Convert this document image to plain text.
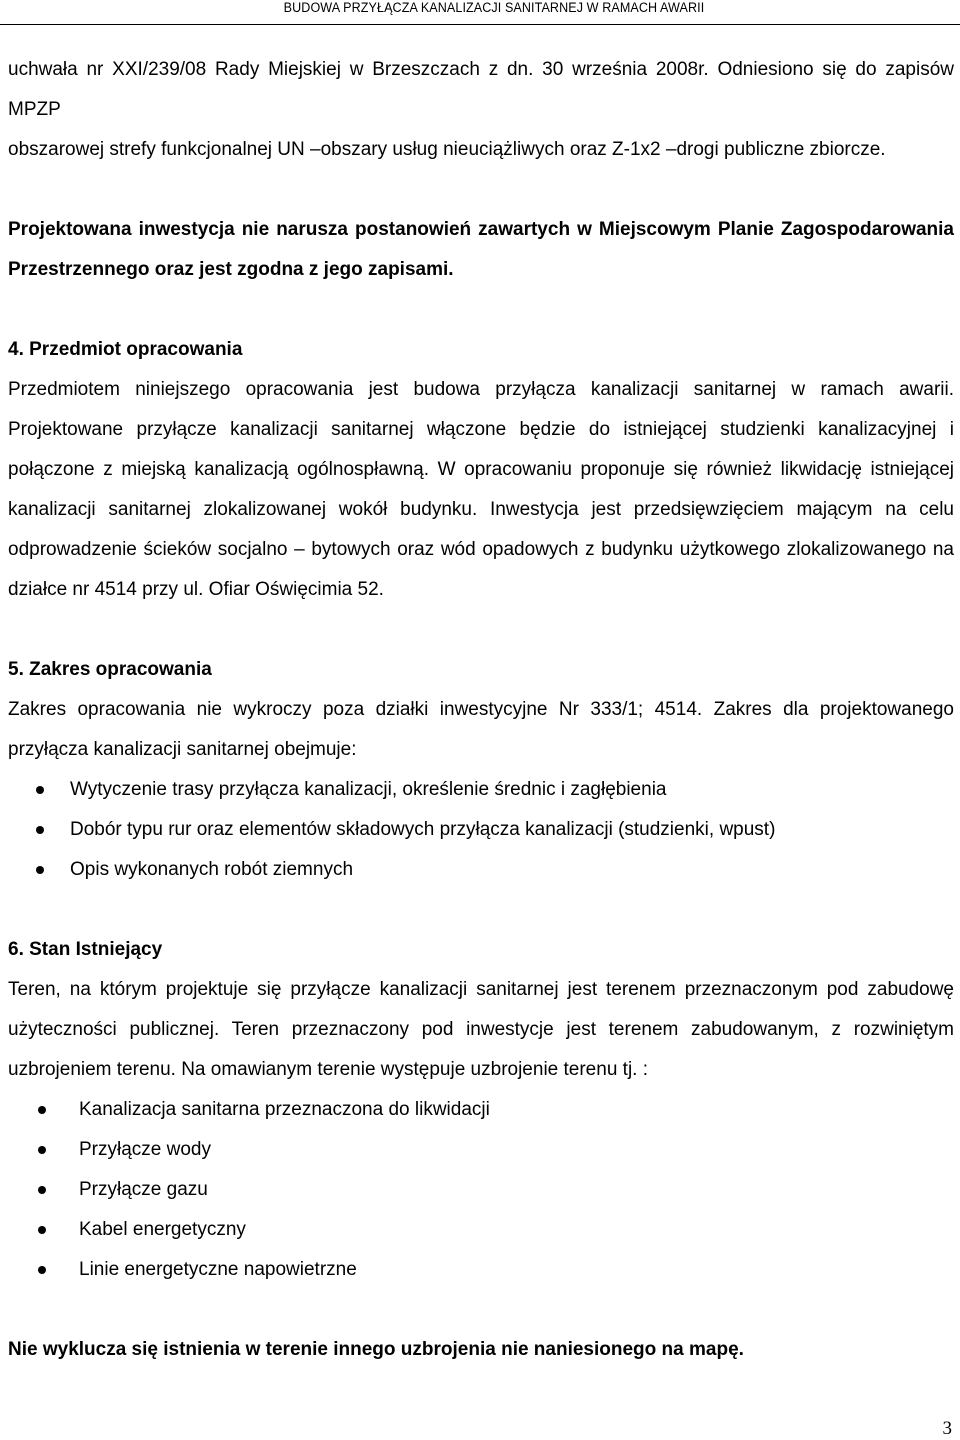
BUDOWA PRZYŁĄCZA KANALIZACJI SANITARNEJ W RAMACH AWARII

uchwała nr XXI/239/08 Rady Miejskiej w Brzeszczach z dn. 30 września 2008r. Odniesiono się do zapisów MPZP

obszarowej strefy funkcjonalnej UN –obszary usług nieuciążliwych oraz Z-1x2 –drogi publiczne zbiorcze.

Projektowana inwestycja nie narusza postanowień zawartych w Miejscowym Planie Zagospodarowania Przestrzennego oraz jest zgodna z jego zapisami.

4. Przedmiot opracowania

Przedmiotem niniejszego opracowania jest budowa przyłącza kanalizacji sanitarnej w ramach awarii. Projektowane przyłącze kanalizacji sanitarnej włączone będzie do istniejącej studzienki kanalizacyjnej i połączone z miejską kanalizacją ogólnospławną. W opracowaniu proponuje się również likwidację istniejącej kanalizacji sanitarnej zlokalizowanej wokół budynku. Inwestycja jest przedsięwzięciem mającym na celu odprowadzenie ścieków socjalno – bytowych oraz wód opadowych z budynku użytkowego zlokalizowanego na działce nr 4514 przy ul. Ofiar Oświęcimia 52.

5. Zakres opracowania

Zakres opracowania nie wykroczy poza działki inwestycyjne Nr 333/1; 4514. Zakres dla projektowanego przyłącza kanalizacji sanitarnej obejmuje:

Wytyczenie trasy przyłącza kanalizacji, określenie średnic i zagłębienia
Dobór typu rur oraz elementów składowych przyłącza kanalizacji (studzienki, wpust)
Opis wykonanych robót ziemnych
6. Stan Istniejący

Teren, na którym projektuje się przyłącze kanalizacji sanitarnej jest terenem przeznaczonym pod zabudowę użyteczności publicznej. Teren przeznaczony pod inwestycje jest terenem zabudowanym, z rozwiniętym uzbrojeniem terenu. Na omawianym terenie występuje uzbrojenie terenu tj. :

Kanalizacja sanitarna przeznaczona do likwidacji
Przyłącze wody
Przyłącze gazu
Kabel energetyczny
Linie energetyczne napowietrzne

Nie wyklucza się istnienia w terenie innego uzbrojenia nie naniesionego na mapę.

3
